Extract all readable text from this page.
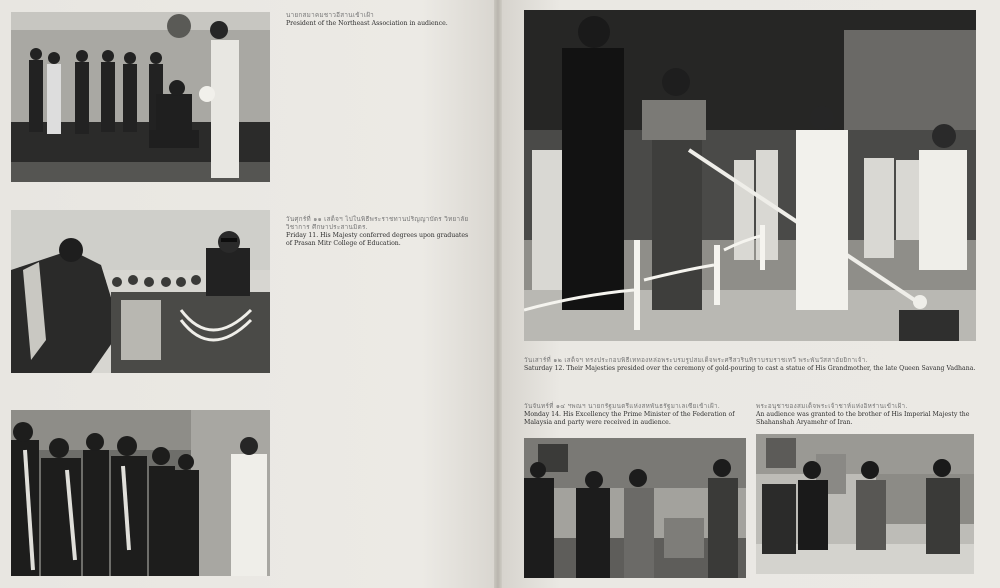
นายกสมาคมชาวอีสานเข้าเฝ้า
President of the Northeast Association in audience.
วันศุกร์ที่ ๑๑ เสด็จฯ ไปในพิธีพระราชทานปริญญาบัตร วิทยาลัยวิชาการ ศึกษาประสานมิตร.
Friday 11. His Majesty conferred degrees upon graduates of Prasan Mitr College of Education.
วันเสาร์ที่ ๑๒ เสด็จฯ ทรงประกอบพิธีเททองหล่อพระบรมรูปสมเด็จพระศรีสวรินทิราบรมราชเทวี พระพันวัสสาอัยยิกาเจ้า.
Saturday 12. Their Majesties presided over the ceremony of gold-pouring to cast a statue of His Grandmother, the late Queen Savang Vadhana.
วันจันทร์ที่ ๑๔ ฯพณฯ นายกรัฐมนตรีแห่งสหพันธรัฐมาเลเซียเข้าเฝ้า.
Monday 14. His Excellency the Prime Minister of the Federation of Malaysia and party were received in audience.
พระอนุชาของสมเด็จพระเจ้าชาห์แห่งอิหร่านเข้าเฝ้า.
An audience was granted to the brother of His Imperial Majesty the Shahanshah Aryamehr of Iran.
